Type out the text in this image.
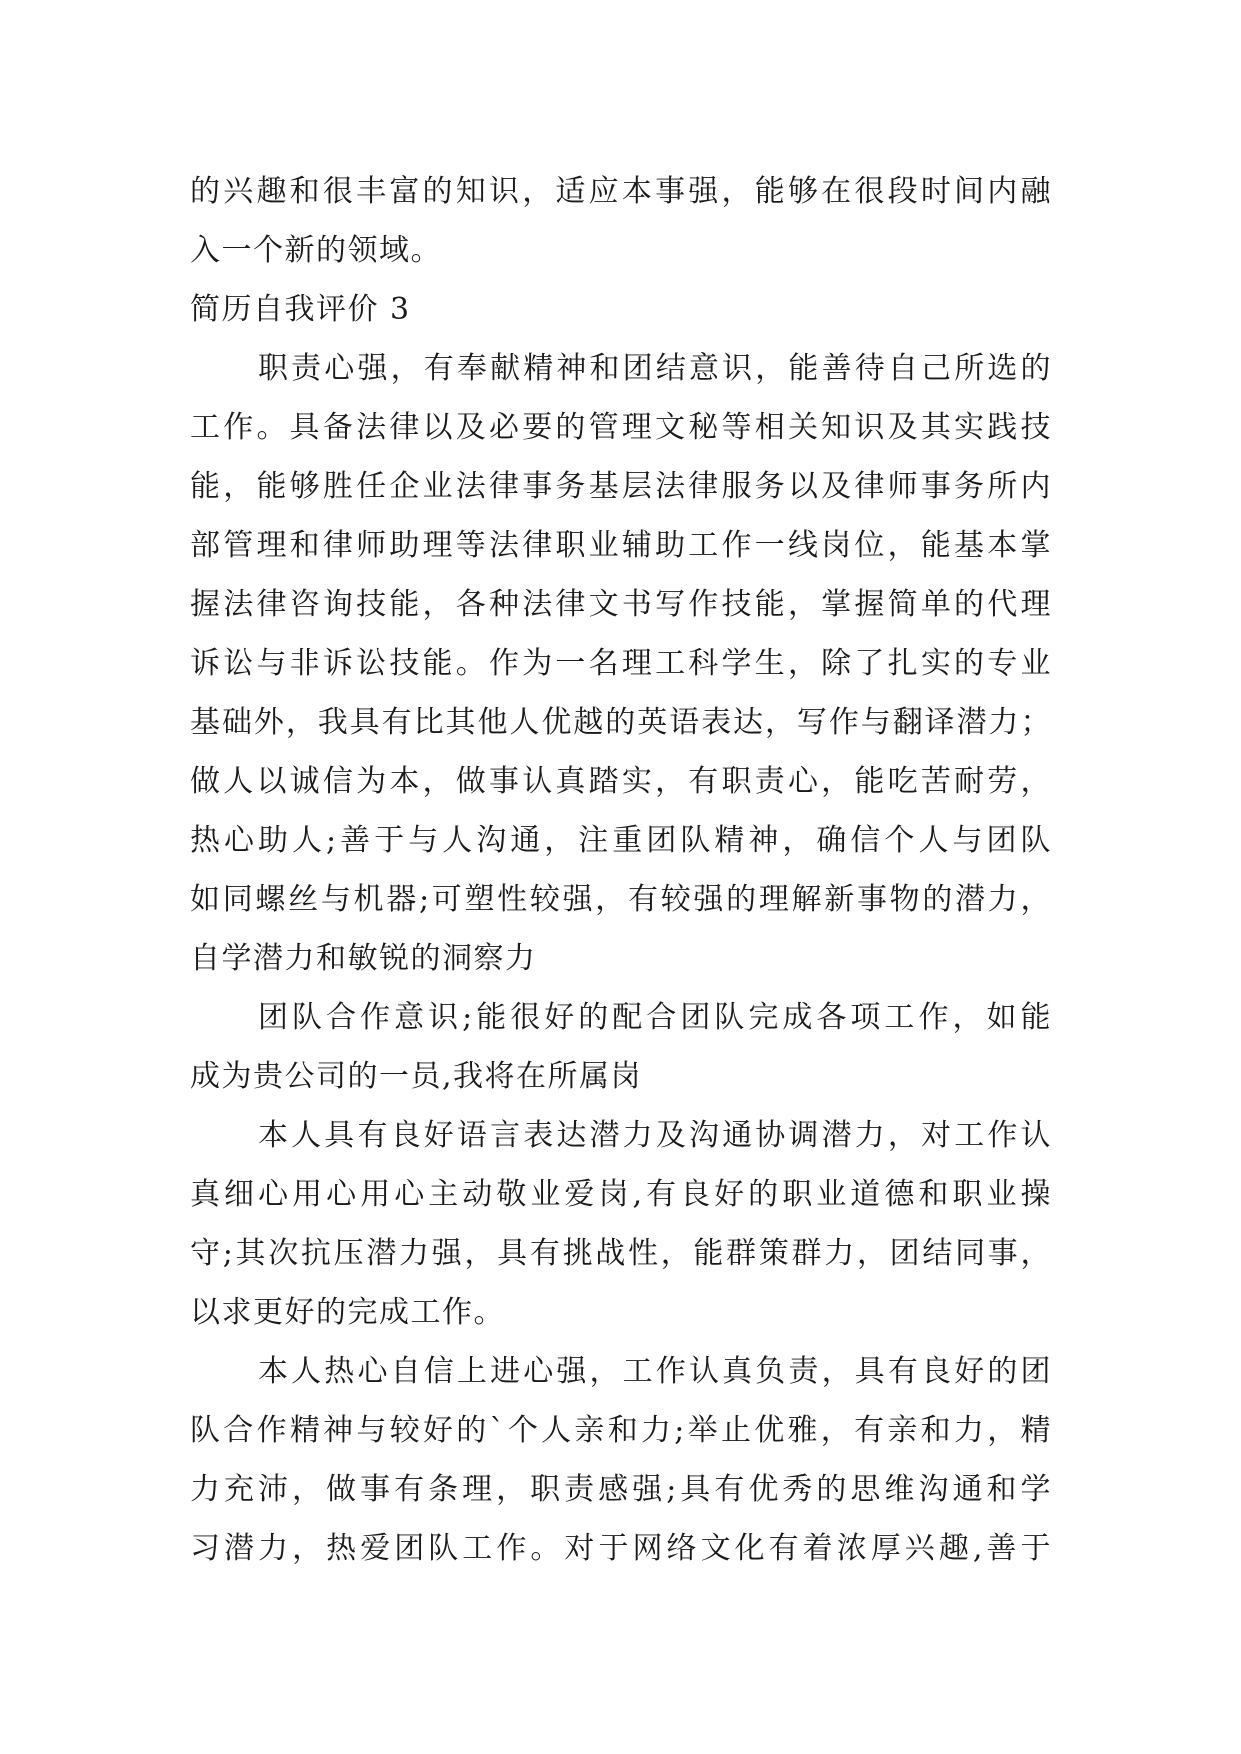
的兴趣和很丰富的知识，适应本事强，能够在很段时间内融
入一个新的领域。
简历自我评价 3
职责心强，有奉献精神和团结意识，能善待自己所选的
工作。具备法律以及必要的管理文秘等相关知识及其实践技
能，能够胜任企业法律事务基层法律服务以及律师事务所内
部管理和律师助理等法律职业辅助工作一线岗位，能基本掌
握法律咨询技能，各种法律文书写作技能，掌握简单的代理
诉讼与非诉讼技能。作为一名理工科学生，除了扎实的专业
基础外，我具有比其他人优越的英语表达，写作与翻译潜力；
做人以诚信为本，做事认真踏实，有职责心，能吃苦耐劳，
热心助人;善于与人沟通，注重团队精神，确信个人与团队
如同螺丝与机器;可塑性较强，有较强的理解新事物的潜力，
自学潜力和敏锐的洞察力
团队合作意识;能很好的配合团队完成各项工作，如能
成为贵公司的一员,我将在所属岗
本人具有良好语言表达潜力及沟通协调潜力，对工作认
真细心用心用心主动敬业爱岗,有良好的职业道德和职业操
守;其次抗压潜力强，具有挑战性，能群策群力，团结同事，
以求更好的完成工作。
本人热心自信上进心强，工作认真负责，具有良好的团
队合作精神与较好的`个人亲和力;举止优雅，有亲和力，精
力充沛，做事有条理，职责感强;具有优秀的思维沟通和学
习潜力，热爱团队工作。对于网络文化有着浓厚兴趣,善于
